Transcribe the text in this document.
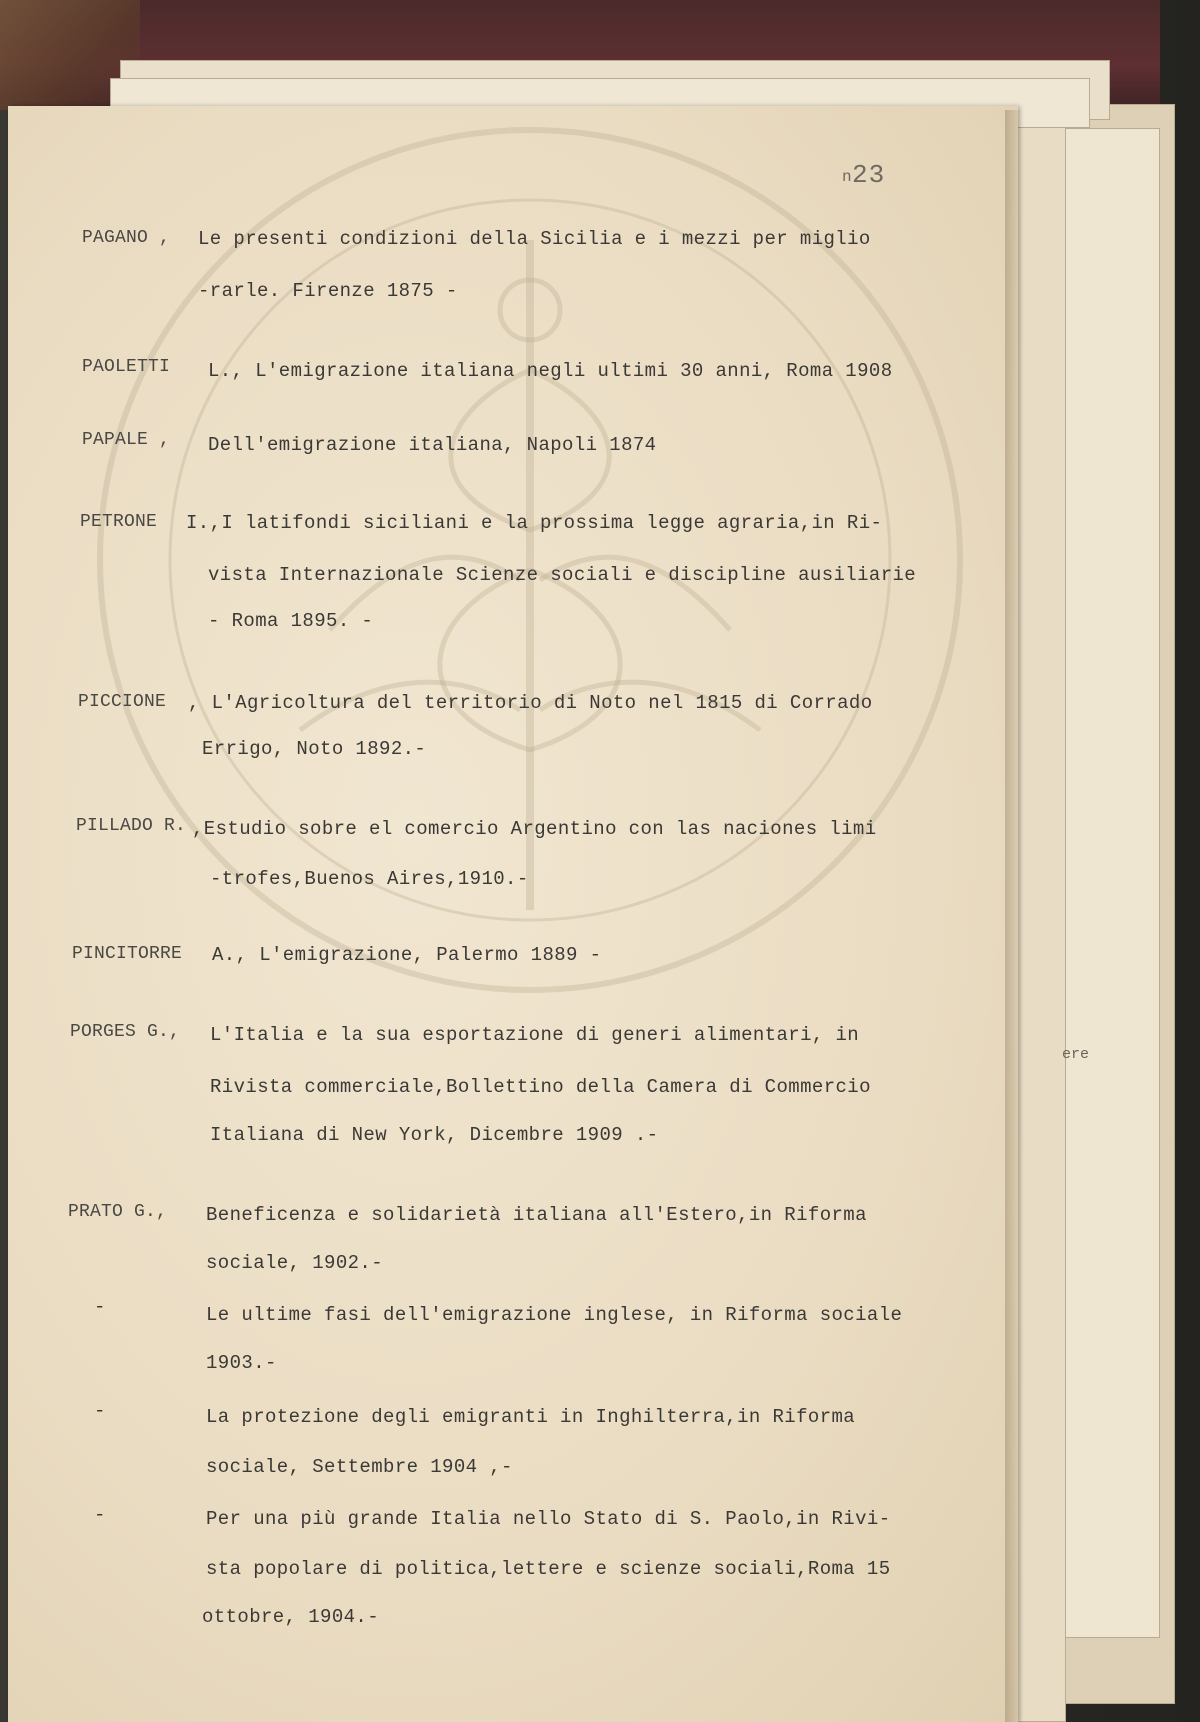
ere
n 23
PAGANO , Le presenti condizioni della Sicilia e i mezzi per miglio
-rarle. Firenze 1875 -
PAOLETTI L., L'emigrazione italiana negli ultimi 30 anni, Roma 1908
PAPALE , Dell'emigrazione italiana, Napoli 1874
PETRONE I.,I latifondi siciliani e la prossima legge agraria,in Ri-
vista Internazionale Scienze sociali e discipline ausiliarie
- Roma 1895. -
PICCIONE , L'Agricoltura del territorio di Noto nel 1815 di Corrado
Errigo, Noto 1892.-
PILLADO R. ,Estudio sobre el comercio Argentino con las naciones limi
-trofes,Buenos Aires,1910.-
PINCITORRE A., L'emigrazione, Palermo 1889 -
PORGES G., L'Italia e la sua esportazione di generi alimentari, in
Rivista commerciale,Bollettino della Camera di Commercio
Italiana di New York, Dicembre 1909 .-
PRATO G., Beneficenza e solidarietà italiana all'Estero,in Riforma
sociale, 1902.-
-	Le ultime fasi dell'emigrazione inglese, in Riforma sociale
1903.-
-	La protezione degli emigranti in Inghilterra,in Riforma
sociale, Settembre 1904 ,-
-	Per una più grande Italia nello Stato di S. Paolo,in Rivi-
sta popolare di politica,lettere e scienze sociali,Roma 15
ottobre, 1904.-
